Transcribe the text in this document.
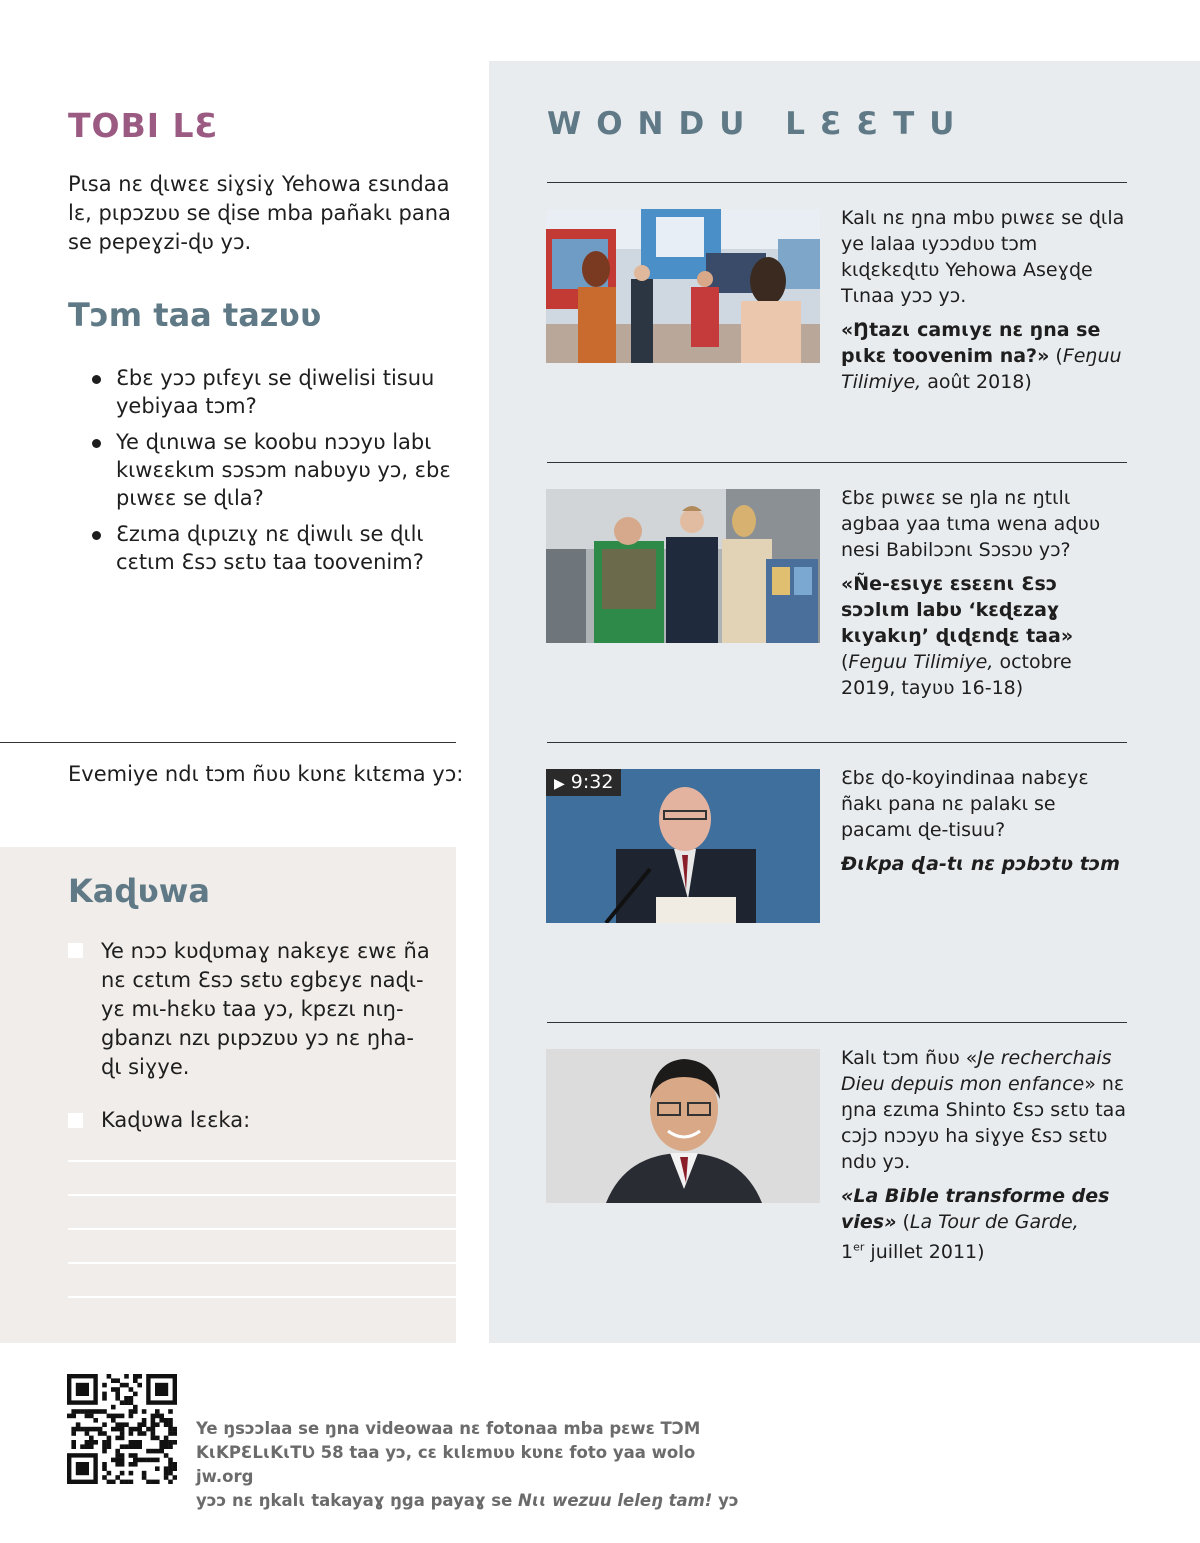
TOBI LƐ
Pɩsa nɛ ɖɩwɛɛ siɣsiɣ Yehowa ɛsɩndaa lɛ, pɩpɔzʋʋ se ɖise mba pañakɩ pana se pepeɣzi-ɖʋ yɔ.
Tɔm taa tazʋʋ
Ɛbɛ yɔɔ pɩfɛyɩ se ɖiwelisi tisuu yebiyaa tɔm?
Ye ɖɩnɩwa se koobu nɔɔyʋ labɩ kɩwɛɛkɩm sɔsɔm nabʋyʋ yɔ, ɛbɛ pɩwɛɛ se ɖɩla?
Ɛzɩma ɖɩpɩzɩɣ nɛ ɖiwɩlɩ se ɖɩlɩ cɛtɩm Ɛsɔ sɛtʋ taa toovenim?
Evemiye ndɩ tɔm ñʋʋ kʋnɛ kɩtɛma yɔ:
Kaɖʋwa
Ye nɔɔ kʋɖʋmaɣ nakɛyɛ ɛwɛ ña nɛ cɛtɩm Ɛsɔ sɛtʋ ɛgbɛyɛ naɖɩ-yɛ mɩ-hɛkʋ taa yɔ, kpɛzɩ nɩŋ-gbanzɩ nzɩ pɩpɔzʋʋ yɔ nɛ ŋha-ɖɩ siɣye.
Kaɖʋwa lɛɛka:
WONDU LƐƐTU

Kalɩ nɛ ŋna mbʋ pɩwɛɛ se ɖɩla ye lalaa ɩyɔɔdʋʋ tɔm kɩɖɛkɛɖɩtʋ Yehowa Aseɣɖe Tɩnaa yɔɔ yɔ.

«Ŋtazɩ camɩyɛ nɛ ŋna se pɩkɛ toovenim na?» (Feŋuu Tilimiye, août 2018)

Ɛbɛ pɩwɛɛ se ŋla nɛ ŋtɩlɩ agbaa yaa tɩma wena aɖʋʋ nesi Babilɔɔnɩ Sɔsɔʋ yɔ?

«Ñe-ɛsɩyɛ ɛsɛɛnɩ Ɛsɔ sɔɔlɩm labʋ ‘kɛɖɛzaɣ kɩyakɩŋ’ ɖɩɖɛnɖɛ taa» (Feŋuu Tilimiye, octobre 2019, tayʋʋ 16-18)

▶ 9:32	Ɛbɛ ɖo-koyindinaa nabɛyɛ ñakɩ pana nɛ palakɩ se pacamɩ ɖe-tisuu?

Ɖɩkpa ɖa-tɩ nɛ pɔbɔtʋ tɔm

Kalɩ tɔm ñʋʋ «Je recherchais Dieu depuis mon enfance» nɛ ŋna ɛzɩma Shinto Ɛsɔ sɛtʋ taa cɔjɔ nɔɔyʋ ha siɣye Ɛsɔ sɛtʋ ndʋ yɔ.

«La Bible transforme des vies» (La Tour de Garde,
1er juillet 2011)

Ye ŋsɔɔlaa se ŋna videowaa nɛ fotonaa mba pɛwɛ TƆM
KɩKPƐLɩKɩTƲ 58 taa yɔ, cɛ kɩlɛmʋʋ kʋnɛ foto yaa wolo jw.org
yɔɔ nɛ ŋkalɩ takayaɣ ŋga payaɣ se Nɩɩ wezuu leleŋ tam! yɔ
